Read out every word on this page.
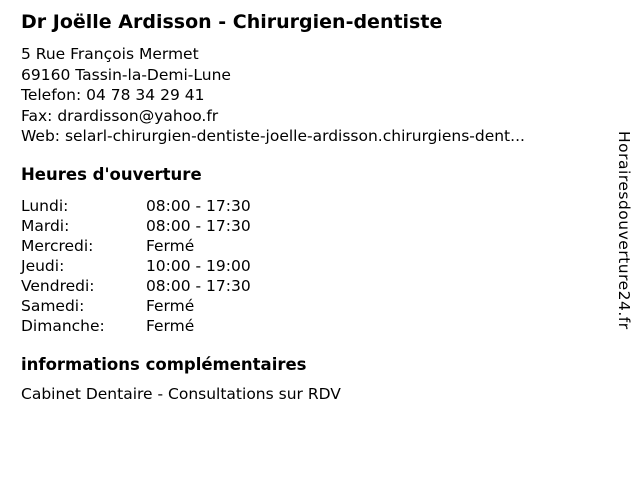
Dr Joëlle Ardisson - Chirurgien-dentiste
5 Rue François Mermet
69160 Tassin-la-Demi-Lune
Telefon: 04 78 34 29 41
Fax: drardisson@yahoo.fr
Web: selarl-chirurgien-dentiste-joelle-ardisson.chirurgiens-dent...
Heures d'ouverture
Lundi:	08:00 - 17:30
Mardi:	08:00 - 17:30
Mercredi:	Fermé
Jeudi:	10:00 - 19:00
Vendredi:	08:00 - 17:30
Samedi:	Fermé
Dimanche:	Fermé
informations complémentaires
Cabinet Dentaire - Consultations sur RDV
Horairesdouverture24.fr
